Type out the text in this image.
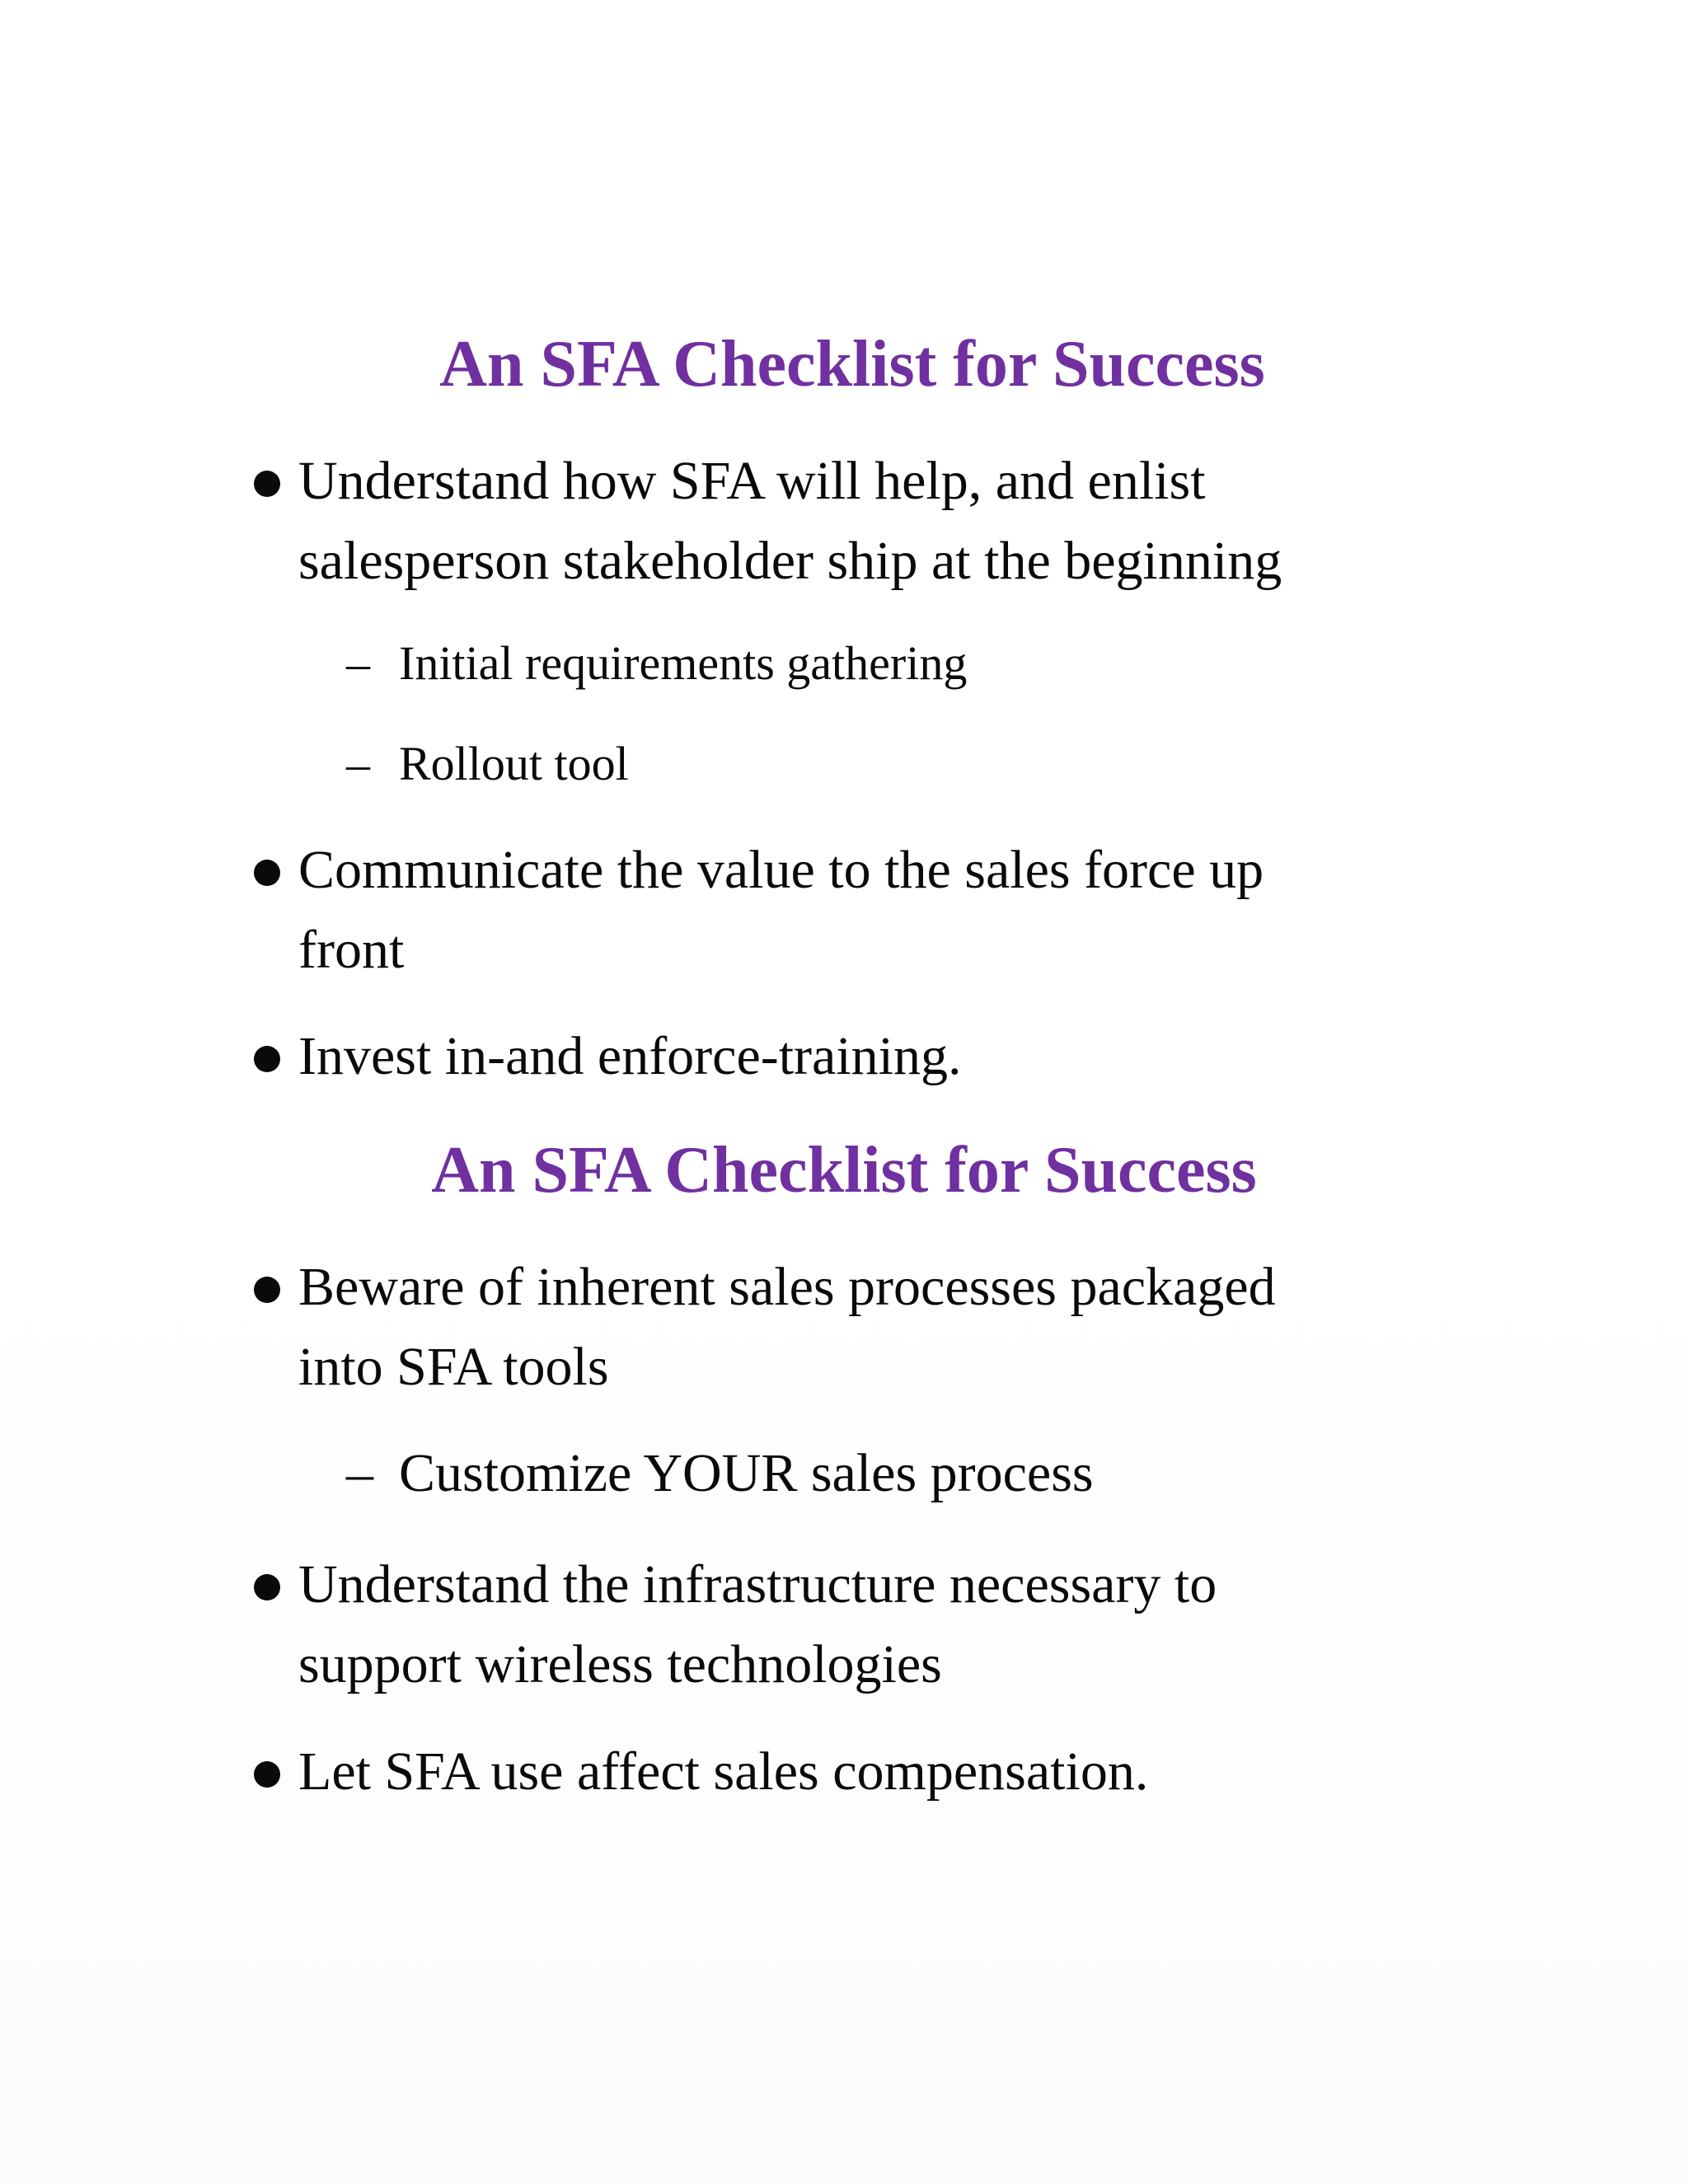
An SFA Checklist for Success
Understand how SFA will help, and enlist
salesperson stakeholder ship at the beginning
– Initial requirements gathering
– Rollout tool
Communicate the value to the sales force up
front
Invest in-and enforce-training.
An SFA Checklist for Success
Beware of inherent sales processes packaged
into SFA tools
– Customize YOUR sales process
Understand the infrastructure necessary to
support wireless technologies
Let SFA use affect sales compensation.
